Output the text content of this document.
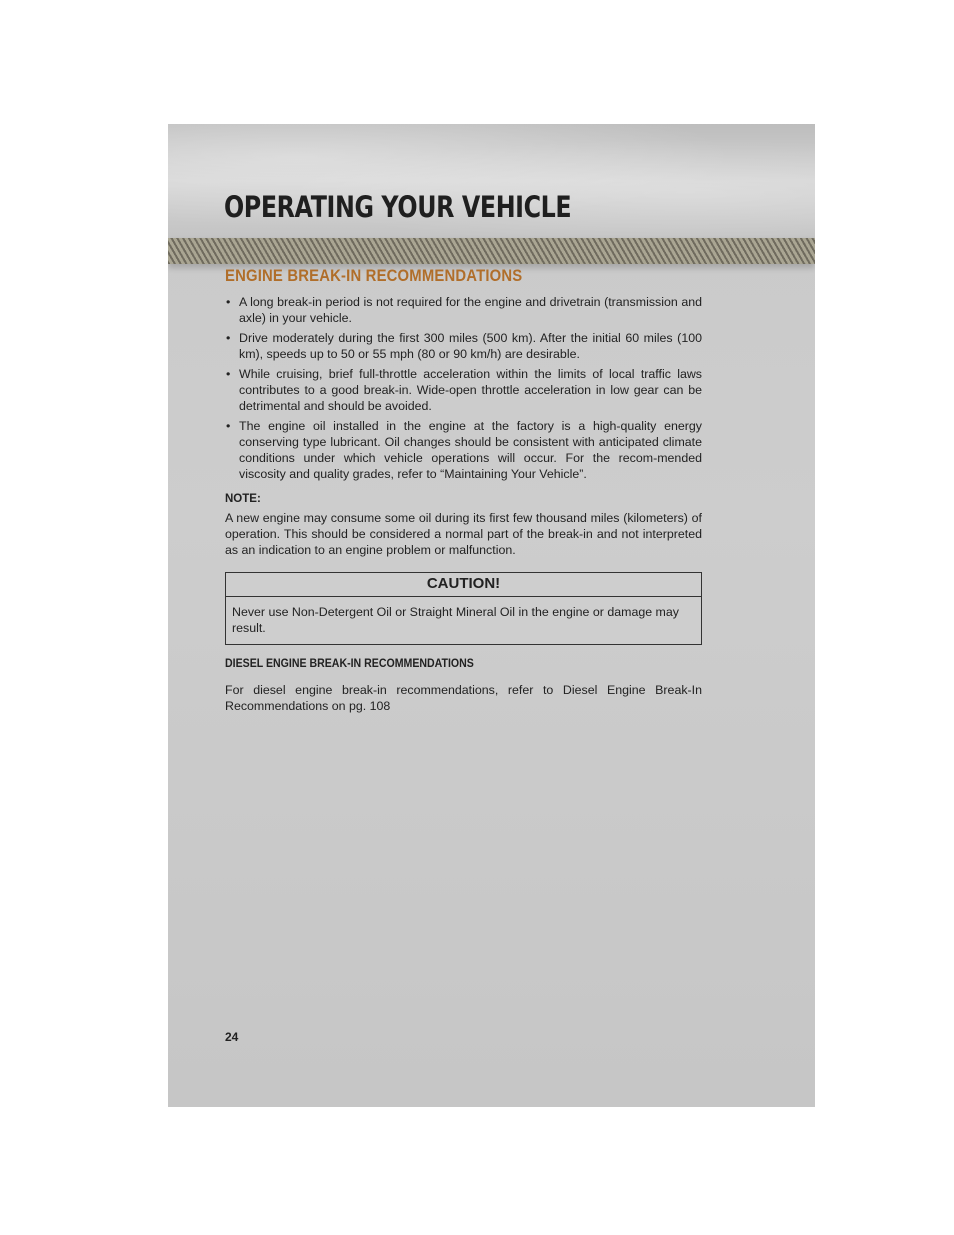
OPERATING YOUR VEHICLE
ENGINE BREAK-IN RECOMMENDATIONS
• A long break-in period is not required for the engine and drivetrain (transmission and axle) in your vehicle.
• Drive moderately during the first 300 miles (500 km). After the initial 60 miles (100 km), speeds up to 50 or 55 mph (80 or 90 km/h) are desirable.
• While cruising, brief full-throttle acceleration within the limits of local traffic laws contributes to a good break-in. Wide-open throttle acceleration in low gear can be detrimental and should be avoided.
• The engine oil installed in the engine at the factory is a high-quality energy conserving type lubricant. Oil changes should be consistent with anticipated climate conditions under which vehicle operations will occur. For the recom-mended viscosity and quality grades, refer to “Maintaining Your Vehicle”.
NOTE:

A new engine may consume some oil during its first few thousand miles (kilometers) of operation. This should be considered a normal part of the break-in and not interpreted as an indication to an engine problem or malfunction.

CAUTION!

Never use Non-Detergent Oil or Straight Mineral Oil in the engine or damage may result.

DIESEL ENGINE BREAK-IN RECOMMENDATIONS

For diesel engine break-in recommendations, refer to Diesel Engine Break-In Recommendations on pg. 108

24
